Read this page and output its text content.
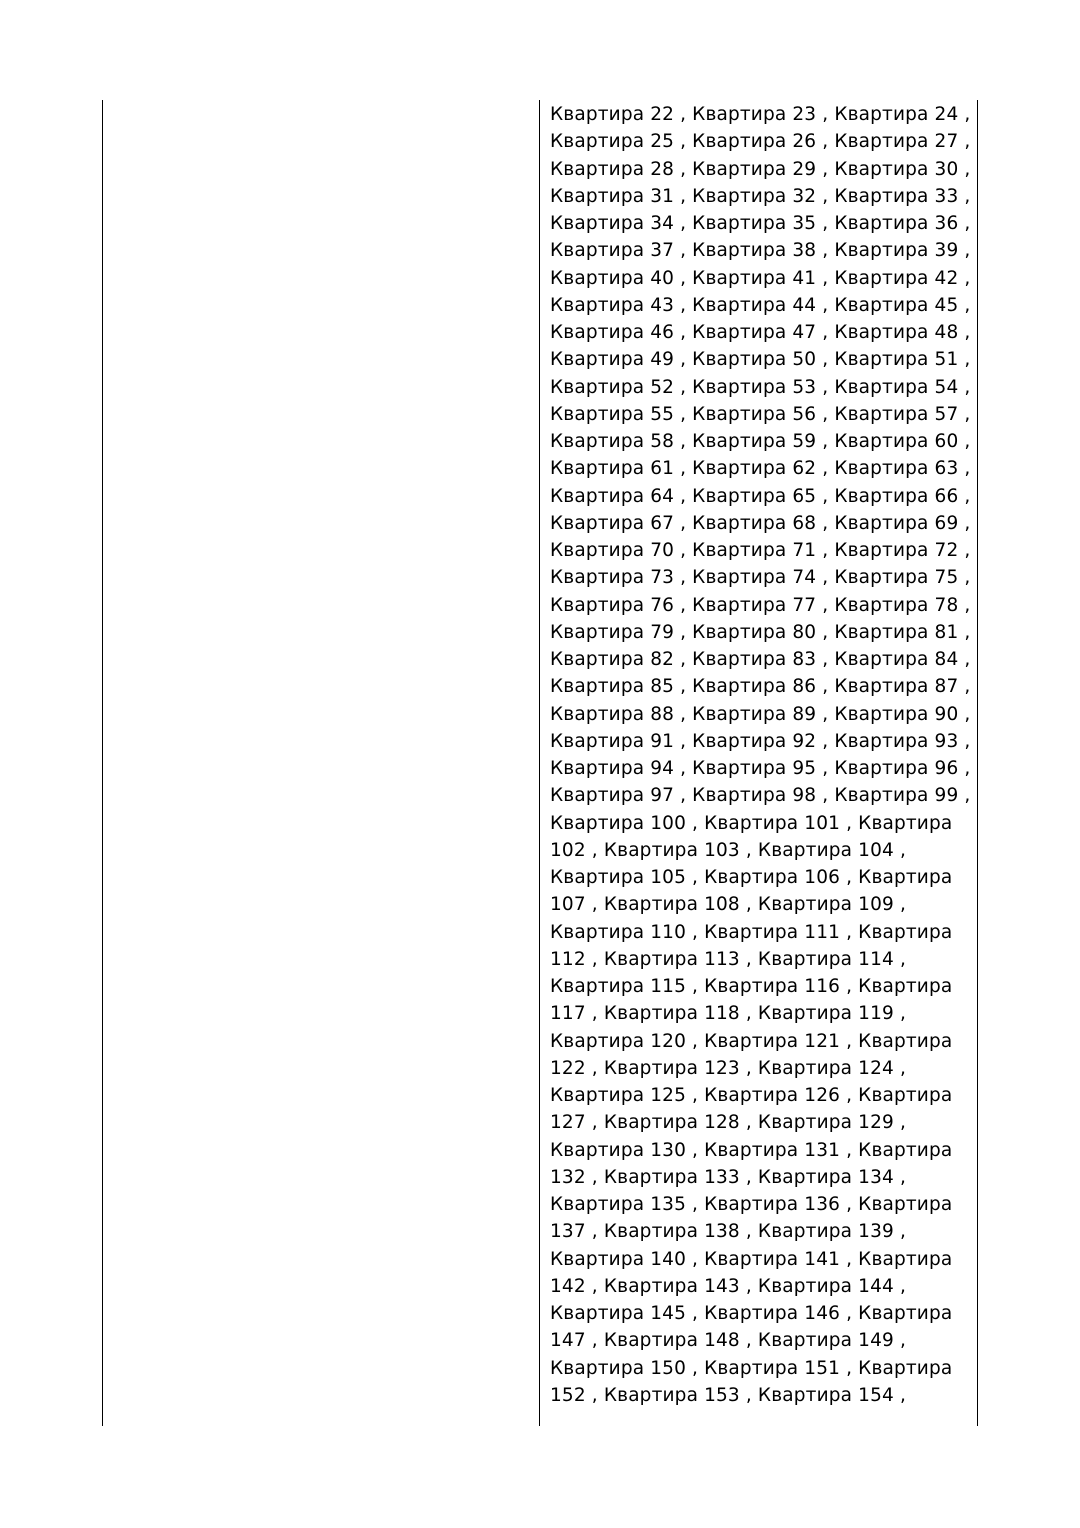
Квартира 22 , Квартира 23 , Квартира 24 ,
Квартира 25 , Квартира 26 , Квартира 27 ,
Квартира 28 , Квартира 29 , Квартира 30 ,
Квартира 31 , Квартира 32 , Квартира 33 ,
Квартира 34 , Квартира 35 , Квартира 36 ,
Квартира 37 , Квартира 38 , Квартира 39 ,
Квартира 40 , Квартира 41 , Квартира 42 ,
Квартира 43 , Квартира 44 , Квартира 45 ,
Квартира 46 , Квартира 47 , Квартира 48 ,
Квартира 49 , Квартира 50 , Квартира 51 ,
Квартира 52 , Квартира 53 , Квартира 54 ,
Квартира 55 , Квартира 56 , Квартира 57 ,
Квартира 58 , Квартира 59 , Квартира 60 ,
Квартира 61 , Квартира 62 , Квартира 63 ,
Квартира 64 , Квартира 65 , Квартира 66 ,
Квартира 67 , Квартира 68 , Квартира 69 ,
Квартира 70 , Квартира 71 , Квартира 72 ,
Квартира 73 , Квартира 74 , Квартира 75 ,
Квартира 76 , Квартира 77 , Квартира 78 ,
Квартира 79 , Квартира 80 , Квартира 81 ,
Квартира 82 , Квартира 83 , Квартира 84 ,
Квартира 85 , Квартира 86 , Квартира 87 ,
Квартира 88 , Квартира 89 , Квартира 90 ,
Квартира 91 , Квартира 92 , Квартира 93 ,
Квартира 94 , Квартира 95 , Квартира 96 ,
Квартира 97 , Квартира 98 , Квартира 99 ,
Квартира 100 , Квартира 101 , Квартира
102 , Квартира 103 , Квартира 104 ,
Квартира 105 , Квартира 106 , Квартира
107 , Квартира 108 , Квартира 109 ,
Квартира 110 , Квартира 111 , Квартира
112 , Квартира 113 , Квартира 114 ,
Квартира 115 , Квартира 116 , Квартира
117 , Квартира 118 , Квартира 119 ,
Квартира 120 , Квартира 121 , Квартира
122 , Квартира 123 , Квартира 124 ,
Квартира 125 , Квартира 126 , Квартира
127 , Квартира 128 , Квартира 129 ,
Квартира 130 , Квартира 131 , Квартира
132 , Квартира 133 , Квартира 134 ,
Квартира 135 , Квартира 136 , Квартира
137 , Квартира 138 , Квартира 139 ,
Квартира 140 , Квартира 141 , Квартира
142 , Квартира 143 , Квартира 144 ,
Квартира 145 , Квартира 146 , Квартира
147 , Квартира 148 , Квартира 149 ,
Квартира 150 , Квартира 151 , Квартира
152 , Квартира 153 , Квартира 154 ,
